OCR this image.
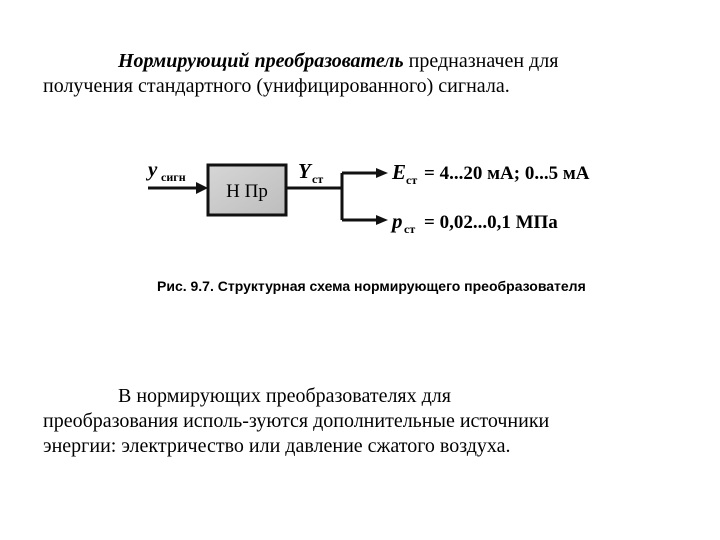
Нормирующий преобразователь предназначен для
получения стандартного (унифицированного) сигнала.
y сигн
Н Пр
Y ст	E ст = 4...20 мА; 0...5 мА
p ст = 0,02...0,1 МПа
Рис. 9.7. Структурная схема нормирующего преобразователя
В нормирующих преобразователях для
преобразования исполь-зуются дополнительные источники
энергии: электричество или давление сжатого воздуха.
